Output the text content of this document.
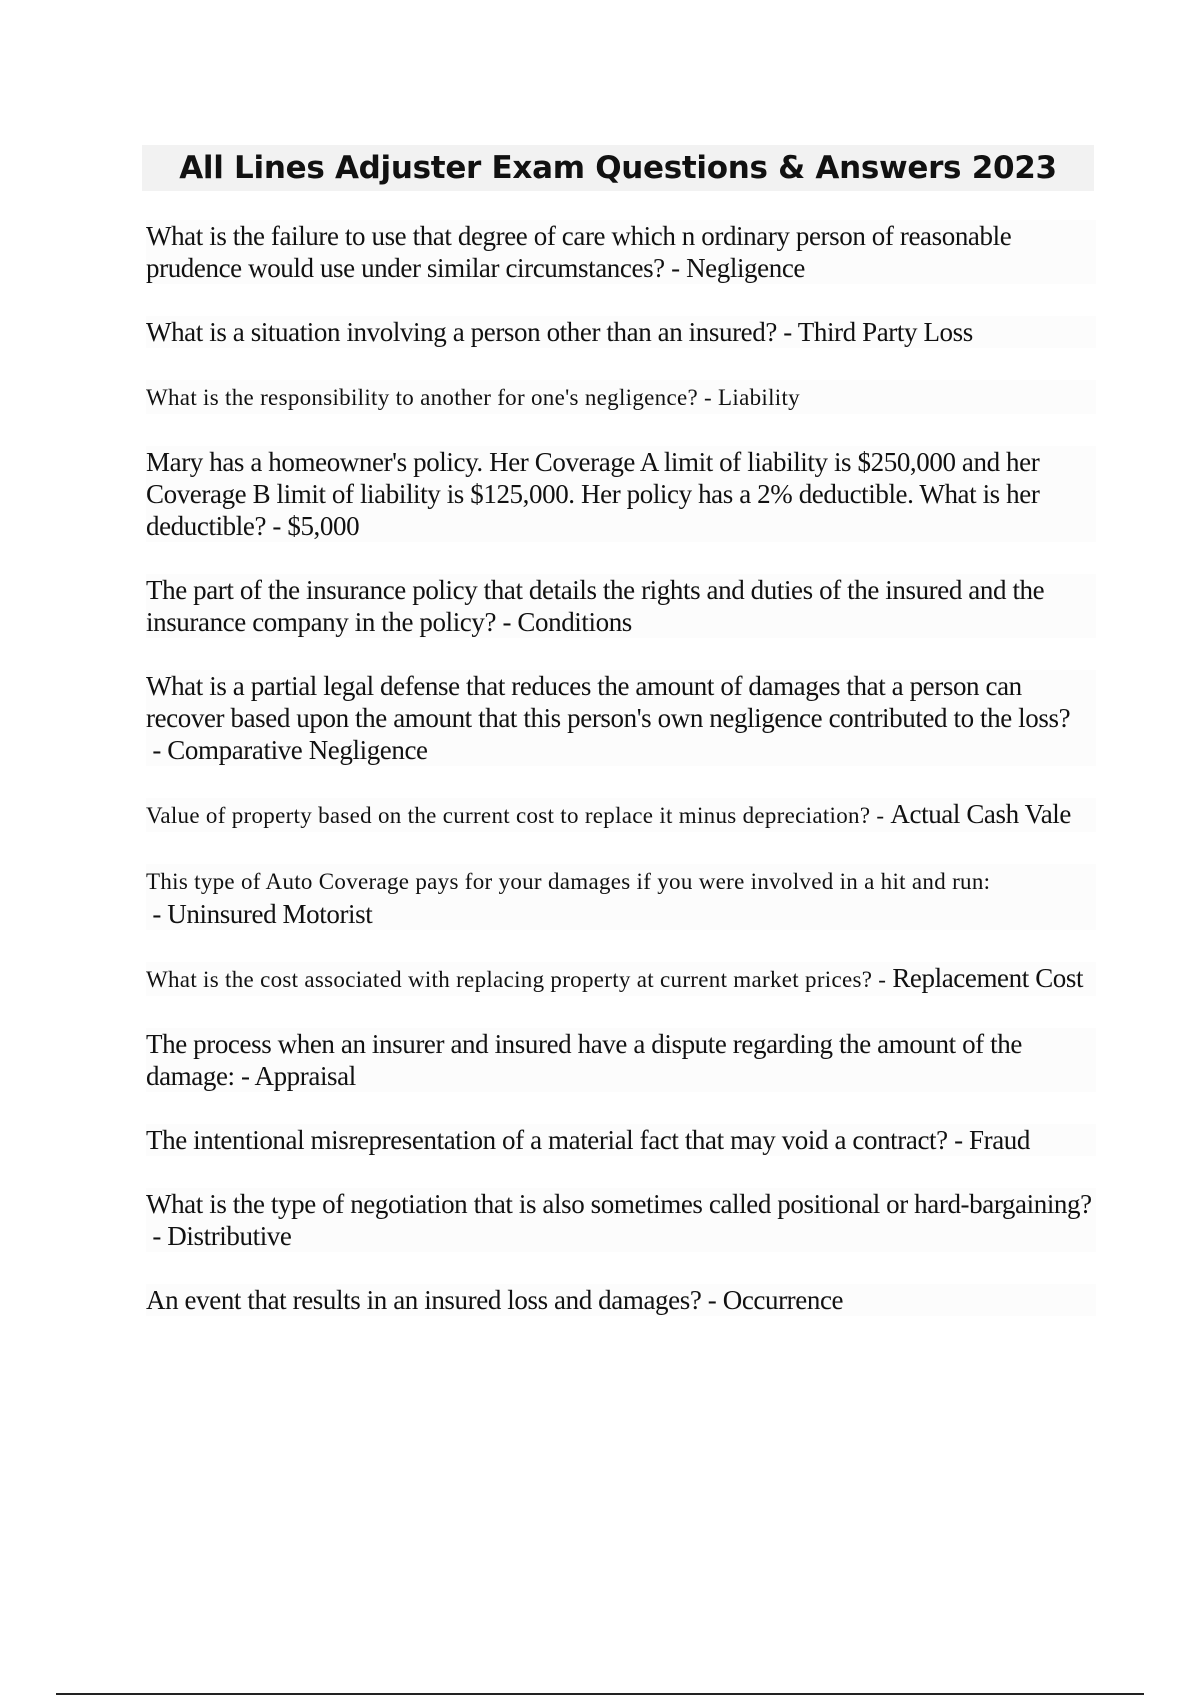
All Lines Adjuster Exam Questions & Answers 2023

What is the failure to use that degree of care which n ordinary person of reasonable prudence would use under similar circumstances? - Negligence

What is a situation involving a person other than an insured? - Third Party Loss

What is the responsibility to another for one's negligence? - Liability

Mary has a homeowner's policy. Her Coverage A limit of liability is $250,000 and her Coverage B limit of liability is $125,000. Her policy has a 2% deductible. What is her deductible? - $5,000

The part of the insurance policy that details the rights and duties of the insured and the insurance company in the policy? - Conditions

What is a partial legal defense that reduces the amount of damages that a person can recover based upon the amount that this person's own negligence contributed to the loss? - Comparative Negligence

Value of property based on the current cost to replace it minus depreciation? - Actual Cash Vale

This type of Auto Coverage pays for your damages if you were involved in a hit and run: - Uninsured Motorist

What is the cost associated with replacing property at current market prices? - Replacement Cost

The process when an insurer and insured have a dispute regarding the amount of the damage: - Appraisal

The intentional misrepresentation of a material fact that may void a contract? - Fraud

What is the type of negotiation that is also sometimes called positional or hard-bargaining? - Distributive

An event that results in an insured loss and damages? - Occurrence
